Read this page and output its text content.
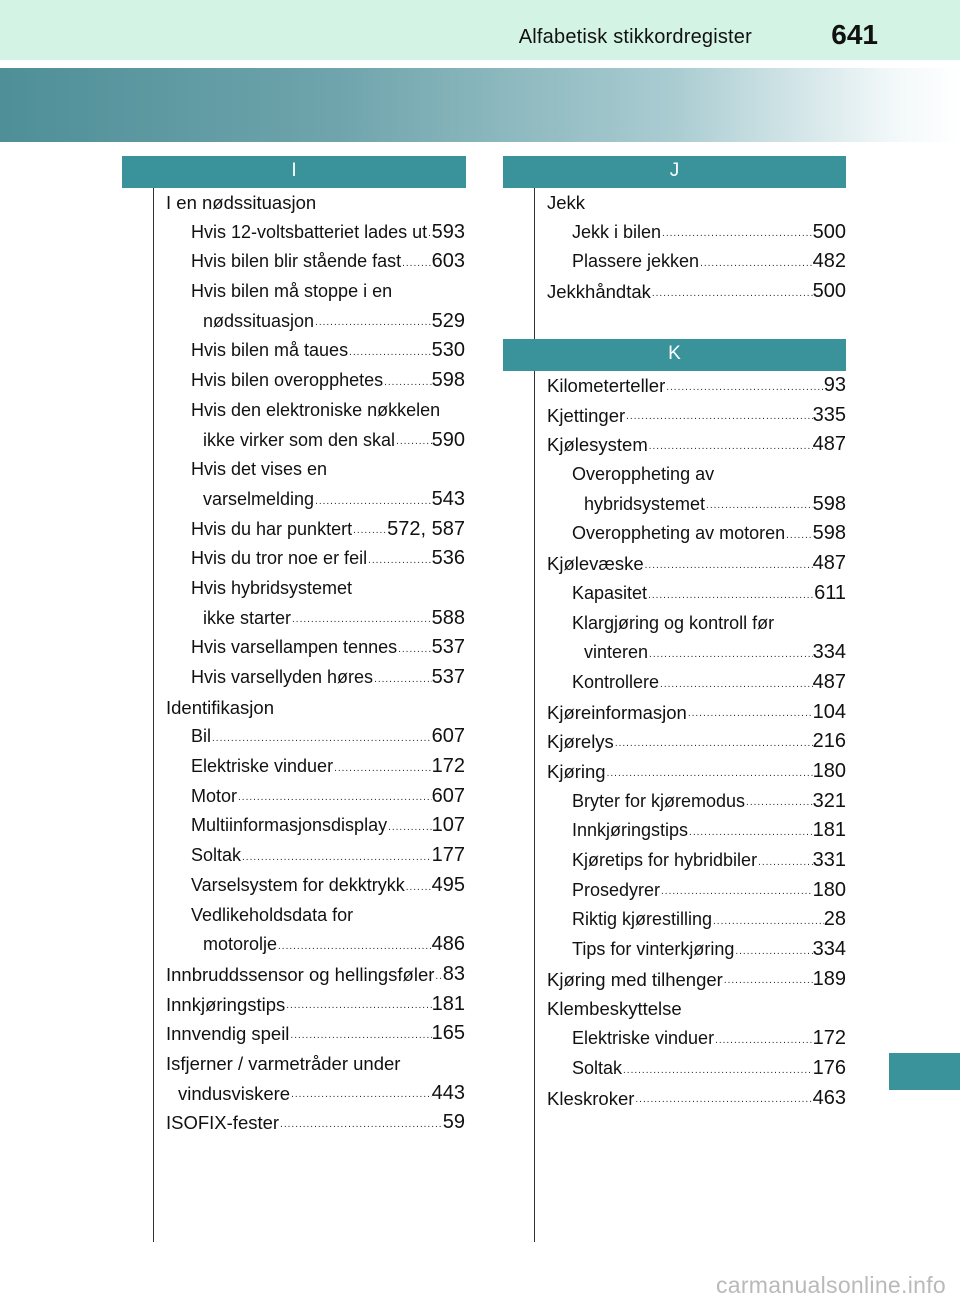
Alfabetisk stikkordregister	641
I	J
K
I en nødssituasjon
Hvis 12-voltsbatteriet lades ut ..... 593
Hvis bilen blir stående fast ..... 603
Hvis bilen må stoppe i en
nødssituasjon .....	529
Hvis bilen må taues .....	530
Hvis bilen overopphetes ..... 598
Hvis den elektroniske nøkkelen
ikke virker som den skal ..... 590
Hvis det vises en
varselmelding .....	543
Hvis du har punktert ..... 572, 587
Hvis du tror noe er feil .....	536
Hvis hybridsystemet
ikke starter .....	588
Hvis varsellampen tennes ..... 537
Hvis varsellyden høres .....	537
Identifikasjon
Bil .....	607
Elektriske vinduer .....	172
Motor .....	607
Multiinformasjonsdisplay ..... 107
Soltak .....	177
Varselsystem for dekktrykk ..... 495
Vedlikeholdsdata for
motorolje .....	486
Innbruddssensor og hellingsføler ..... 83
Innkjøringstips .....	181
Innvendig speil .....	165
Isfjerner / varmetråder under
vindusviskere .....	443
ISOFIX-fester .....	59
Jekk
Jekk i bilen .....	500
Plassere jekken .....	482
Jekkhåndtak .....	500
Kilometerteller .....	93
Kjettinger .....	335
Kjølesystem .....	487
Overoppheting av
hybridsystemet .....	598
Overoppheting av motoren ..... 598
Kjølevæske .....	487
Kapasitet .....	611
Klargjøring og kontroll før
vinteren .....	334
Kontrollere .....	487
Kjøreinformasjon .....	104
Kjørelys .....	216
Kjøring .....	180
Bryter for kjøremodus .....	321
Innkjøringstips .....	181
Kjøretips for hybridbiler .....	331
Prosedyrer .....	180
Riktig kjørestilling .....	28
Tips for vinterkjøring .....	334
Kjøring med tilhenger .....	189
Klembeskyttelse
Elektriske vinduer .....	172
Soltak .....	176
Kleskroker .....	463
carmanualsonline.info
